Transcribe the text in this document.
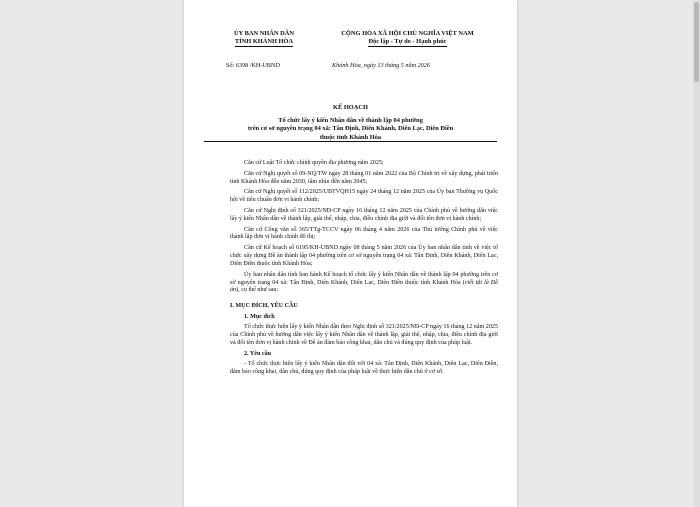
ỦY BAN NHÂN DÂN
TỈNH KHÁNH HÒA
CỘNG HÒA XÃ HỘI CHỦ NGHĨA VIỆT NAM
Độc lập - Tự do - Hạnh phúc
Số: 6398 /KH-UBND	Khánh Hòa, ngày 13 tháng 5 năm 2026
KẾ HOẠCH
Tổ chức lấy ý kiến Nhân dân về thành lập 04 phường
trên cơ sở nguyên trạng 04 xã: Tân Định, Diên Khánh, Diên Lạc, Diên Điền
thuộc tỉnh Khánh Hòa

Căn cứ Luật Tổ chức chính quyền địa phương năm 2025;

Căn cứ Nghị quyết số 09-NQ/TW ngày 28 tháng 01 năm 2022 của Bộ Chính trị về xây dựng, phát triển tỉnh Khánh Hòa đến năm 2030, tầm nhìn đến năm 2045;

Căn cứ Nghị quyết số 112/2025/UBTVQH15 ngày 24 tháng 12 năm 2025 của Ủy ban Thường vụ Quốc hội về tiêu chuẩn đơn vị hành chính;

Căn cứ Nghị định số 321/2025/NĐ-CP ngày 16 tháng 12 năm 2025 của Chính phủ về hướng dẫn việc lấy ý kiến Nhân dân về thành lập, giải thể, nhập, chia, điều chỉnh địa giới và đổi tên đơn vị hành chính;

Căn cứ Công văn số 365/TTg-TCCV ngày 06 tháng 4 năm 2026 của Thủ tướng Chính phủ về việc thành lập đơn vị hành chính đô thị;

Căn cứ Kế hoạch số 6195/KH-UBND ngày 08 tháng 5 năm 2026 của Ủy ban nhân dân tỉnh về việc tổ chức xây dựng Đề án thành lập 04 phường trên cơ sở nguyên trạng 04 xã: Tân Định, Diên Khánh, Diên Lạc, Diên Điền thuộc tỉnh Khánh Hòa;

Ủy ban nhân dân tỉnh ban hành Kế hoạch tổ chức lấy ý kiến Nhân dân về thành lập 04 phường trên cơ sở nguyên trạng 04 xã: Tân Định, Diên Khánh, Diên Lạc, Diên Điền thuộc tỉnh Khánh Hòa (viết tắt là Đề án), cụ thể như sau:

I. MỤC ĐÍCH, YÊU CẦU
1. Mục đích

Tổ chức thực hiện lấy ý kiến Nhân dân theo Nghị định số 321/2025/NĐ-CP ngày 16 tháng 12 năm 2025 của Chính phủ về hướng dẫn việc lấy ý kiến Nhân dân về thành lập, giải thể, nhập, chia, điều chỉnh địa giới và đổi tên đơn vị hành chính về Đề án đảm bảo công khai, dân chủ và đúng quy định của pháp luật.

2. Yêu cầu

- Tổ chức thực hiện lấy ý kiến Nhân dân đối với 04 xã: Tân Định, Diên Khánh, Diên Lạc, Diên Điền, đảm bảo công khai, dân chủ, đúng quy định của pháp luật về thực hiện dân chủ ở cơ sở.
